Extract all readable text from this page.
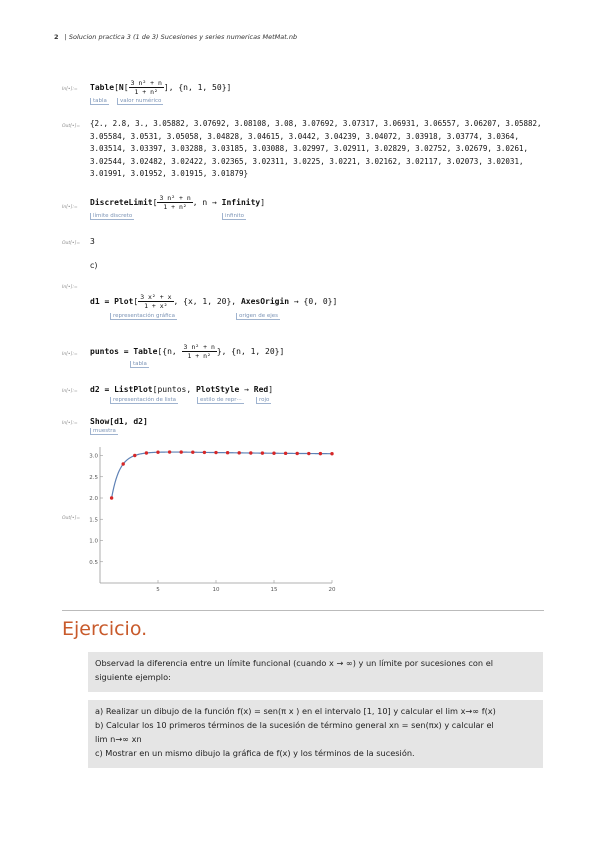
2 | Solucion practica 3 (1 de 3) Sucesiones y series numericas MetMat.nb
In[•]:= Table[N[ $\frac{\text{3 n² + n}}{\text{1 + n²}}$ ], {n, 1, 50}]
tabla	valor numérico
Out[•]= {2., 2.8, 3., 3.05882, 3.07692, 3.08108, 3.08, 3.07692, 3.07317, 3.06931, 3.06557, 3.06207, 3.05882, 3.05584, 3.0531, 3.05058, 3.04828, 3.04615, 3.0442, 3.04239, 3.04072, 3.03918, 3.03774, 3.0364, 3.03514, 3.03397, 3.03288, 3.03185, 3.03088, 3.02997, 3.02911, 3.02829, 3.02752, 3.02679, 3.0261, 3.02544, 3.02482, 3.02422, 3.02365, 3.02311, 3.0225, 3.0221, 3.02162, 3.02117, 3.02073, 3.02031, 3.01991, 3.01952, 3.01915, 3.01879}
In[•]:=
DiscreteLimit[ $\frac{\text{3 n² + n}}{\text{1 + n²}}$ , n → Infinity]
límite discreto	infinito
Out[•]= 3
c)
In[•]:=
d1 = Plot[ $\frac{\text{3 x² + x}}{\text{1 + x²}}$ , {x, 1, 20}, AxesOrigin → {0, 0}]
representación gráfica	origen de ejes
In[•]:= puntos = Table[{n, $\frac{\text{3 n² + n}}{\text{1 + n²}}$ }, {n, 1, 20}]
tabla
In[•]:= d2 = ListPlot[puntos, PlotStyle → Red]
representación de lista	estilo de repr···	rojo
In[•]:= Show[d1, d2]
muestra
Out[•]=
0.5
1.0
1.5
2.0
2.5
3.0
5	10	15	20
Ejercicio.
Observad la diferencia entre un límite funcional (cuando x → ∞) y un límite por sucesiones con el
siguiente ejemplo:
a) Realizar un dibujo de la función f(x) = sen(π x ) en el intervalo [1, 10] y calcular el lim x→∞ f(x)
b) Calcular los 10 primeros términos de la sucesión de término general xn = sen(πx) y calcular el
lim n→∞ xn
c) Mostrar en un mismo dibujo la gráfica de f(x) y los términos de la sucesión.
